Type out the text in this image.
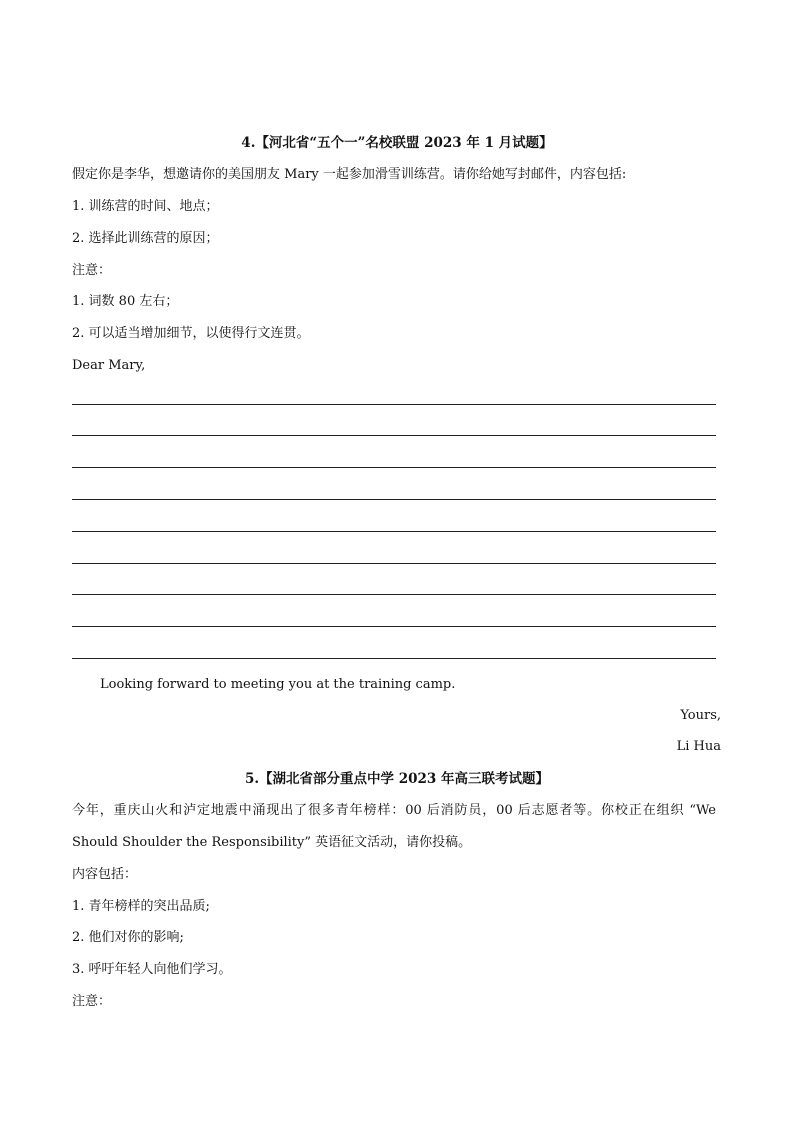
4.【河北省“五个一”名校联盟 2023 年 1 月试题】
假定你是李华，想邀请你的美国朋友 Mary 一起参加滑雪训练营。请你给她写封邮件，内容包括:
1. 训练营的时间、地点；
2. 选择此训练营的原因；
注意：
1. 词数 80 左右；
2. 可以适当增加细节，以使得行文连贯。
Dear Mary,
Looking forward to meeting you at the training camp.
Yours,
Li Hua
5.【湖北省部分重点中学 2023 年高三联考试题】
今年，重庆山火和泸定地震中涌现出了很多青年榜样：00 后消防员，00 后志愿者等。你校正在组织 “We
Should Shoulder the Responsibility” 英语征文活动，请你投稿。
内容包括：
1. 青年榜样的突出品质;
2. 他们对你的影响;
3. 呼吁年轻人向他们学习。
注意：
